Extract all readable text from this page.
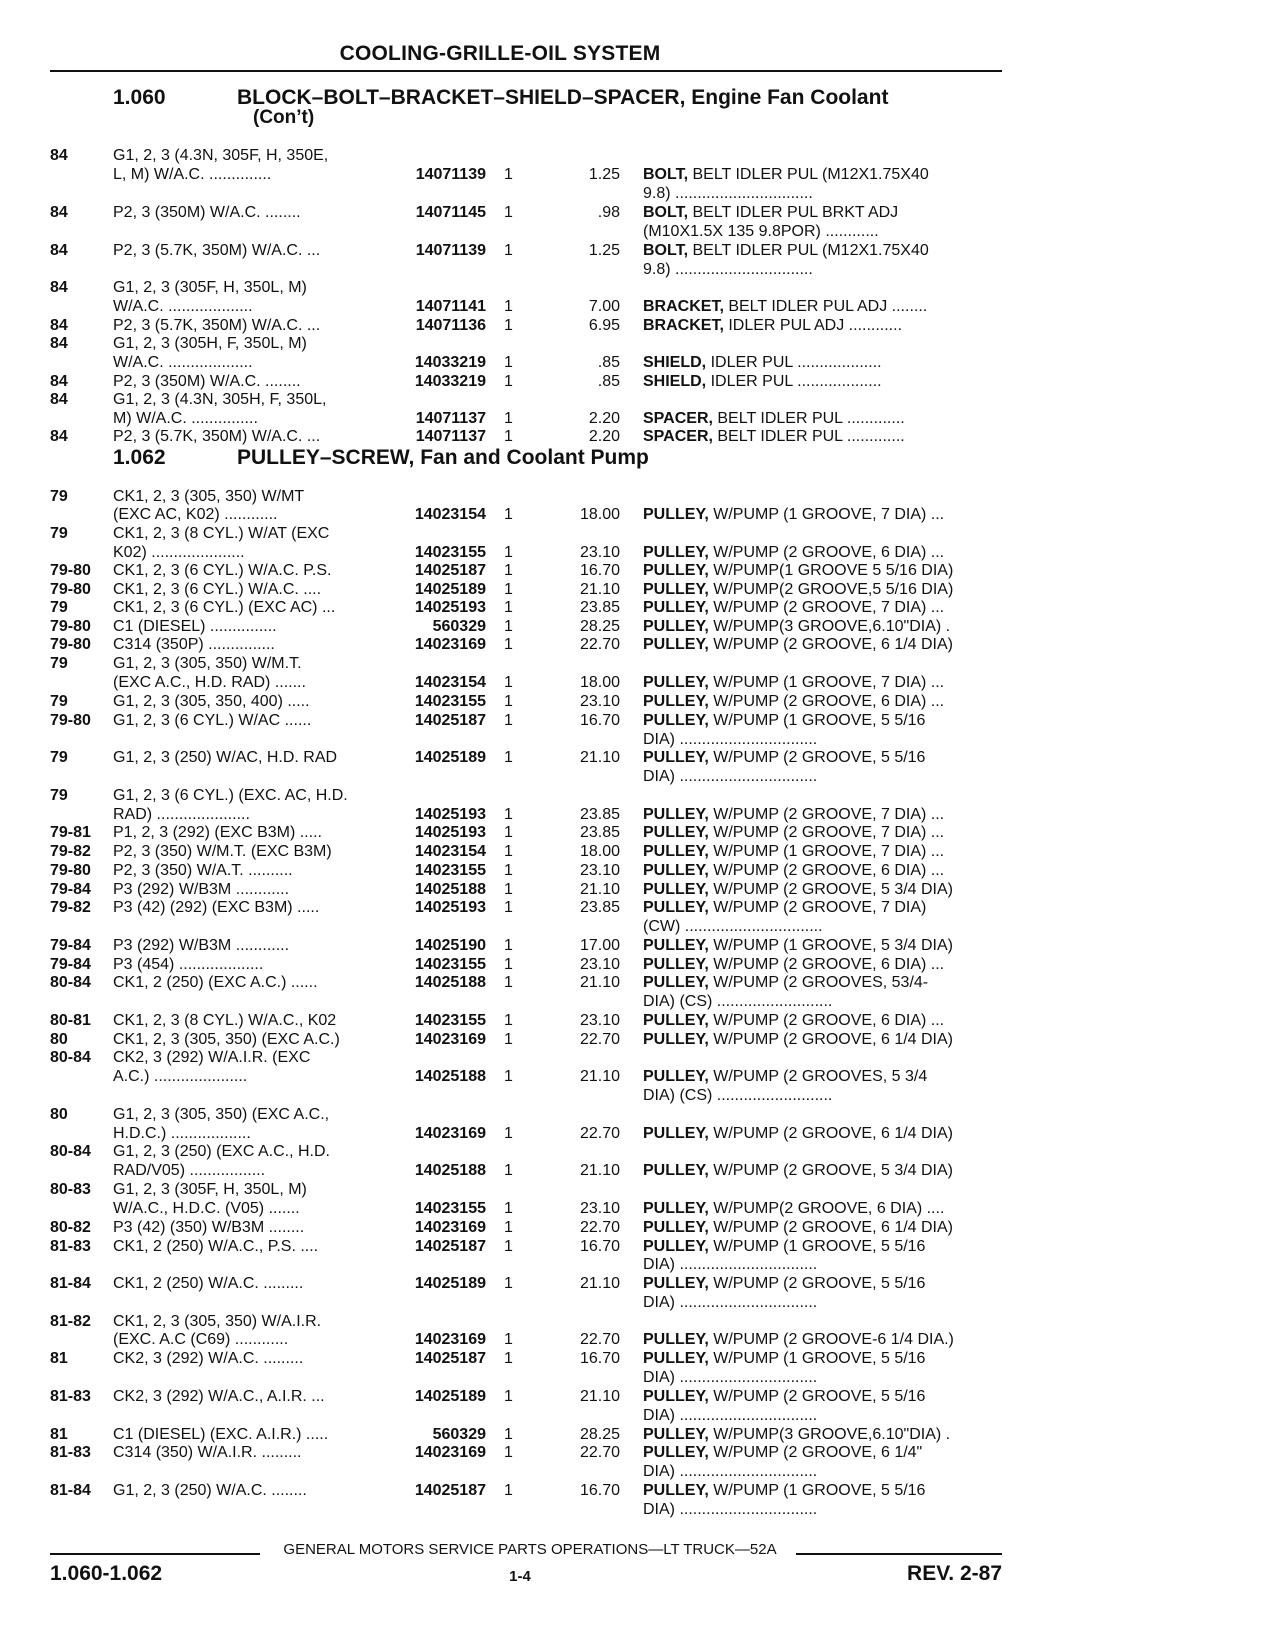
COOLING-GRILLE-OIL SYSTEM
1.060	BLOCK–BOLT–BRACKET–SHIELD–SPACER, Engine Fan Coolant
(Con’t)
1.062	PULLEY–SCREW, Fan and Coolant Pump
84	G1, 2, 3 (4.3N, 305F, H, 350E,
L, M) W/A.C. ..............	14071139 1	1.25 BOLT, BELT IDLER PUL (M12X1.75X40
9.8) ...............................
84	P2, 3 (350M) W/A.C. ........	14071145 1	.98 BOLT, BELT IDLER PUL BRKT ADJ
(M10X1.5X 135 9.8POR) ............
84	P2, 3 (5.7K, 350M) W/A.C. ...	14071139 1	1.25 BOLT, BELT IDLER PUL (M12X1.75X40
9.8) ...............................
84	G1, 2, 3 (305F, H, 350L, M)
W/A.C. ...................	14071141 1	7.00 BRACKET, BELT IDLER PUL ADJ ........
84	P2, 3 (5.7K, 350M) W/A.C. ...	14071136 1	6.95 BRACKET, IDLER PUL ADJ ............
84	G1, 2, 3 (305H, F, 350L, M)
W/A.C. ...................	14033219 1	.85 SHIELD, IDLER PUL ...................
84	P2, 3 (350M) W/A.C. ........	14033219 1	.85 SHIELD, IDLER PUL ...................
84	G1, 2, 3 (4.3N, 305H, F, 350L,
M) W/A.C. ...............	14071137 1	2.20 SPACER, BELT IDLER PUL .............
84	P2, 3 (5.7K, 350M) W/A.C. ...	14071137 1	2.20 SPACER, BELT IDLER PUL .............
79	CK1, 2, 3 (305, 350) W/MT
(EXC AC, K02) ............	14023154 1	18.00 PULLEY, W/PUMP (1 GROOVE, 7 DIA) ...
79	CK1, 2, 3 (8 CYL.) W/AT (EXC
K02) .....................	14023155 1	23.10 PULLEY, W/PUMP (2 GROOVE, 6 DIA) ...
79-80	CK1, 2, 3 (6 CYL.) W/A.C. P.S.	14025187 1	16.70 PULLEY, W/PUMP(1 GROOVE 5 5/16 DIA)
79-80	CK1, 2, 3 (6 CYL.) W/A.C. ....	14025189 1	21.10 PULLEY, W/PUMP(2 GROOVE,5 5/16 DIA)
79	CK1, 2, 3 (6 CYL.) (EXC AC) ...	14025193 1	23.85 PULLEY, W/PUMP (2 GROOVE, 7 DIA) ...
79-80	C1 (DIESEL) ...............	560329 1	28.25 PULLEY, W/PUMP(3 GROOVE,6.10"DIA) .
79-80	C314 (350P) ...............	14023169 1	22.70 PULLEY, W/PUMP (2 GROOVE, 6 1/4 DIA)
79	G1, 2, 3 (305, 350) W/M.T.
(EXC A.C., H.D. RAD) .......	14023154 1	18.00 PULLEY, W/PUMP (1 GROOVE, 7 DIA) ...
79	G1, 2, 3 (305, 350, 400) .....	14023155 1	23.10 PULLEY, W/PUMP (2 GROOVE, 6 DIA) ...
79-80	G1, 2, 3 (6 CYL.) W/AC ......	14025187 1	16.70 PULLEY, W/PUMP (1 GROOVE, 5 5/16
DIA) ...............................
79	G1, 2, 3 (250) W/AC, H.D. RAD	14025189 1	21.10 PULLEY, W/PUMP (2 GROOVE, 5 5/16
DIA) ...............................
79	G1, 2, 3 (6 CYL.) (EXC. AC, H.D.
RAD) .....................	14025193 1	23.85 PULLEY, W/PUMP (2 GROOVE, 7 DIA) ...
79-81	P1, 2, 3 (292) (EXC B3M) .....	14025193 1	23.85 PULLEY, W/PUMP (2 GROOVE, 7 DIA) ...
79-82	P2, 3 (350) W/M.T. (EXC B3M)	14023154 1	18.00 PULLEY, W/PUMP (1 GROOVE, 7 DIA) ...
79-80	P2, 3 (350) W/A.T. ..........	14023155 1	23.10 PULLEY, W/PUMP (2 GROOVE, 6 DIA) ...
79-84	P3 (292) W/B3M ............	14025188 1	21.10 PULLEY, W/PUMP (2 GROOVE, 5 3/4 DIA)
79-82	P3 (42) (292) (EXC B3M) .....	14025193 1	23.85 PULLEY, W/PUMP (2 GROOVE, 7 DIA)
(CW) ...............................
79-84	P3 (292) W/B3M ............	14025190 1	17.00 PULLEY, W/PUMP (1 GROOVE, 5 3/4 DIA)
79-84	P3 (454) ...................	14023155 1	23.10 PULLEY, W/PUMP (2 GROOVE, 6 DIA) ...
80-84	CK1, 2 (250) (EXC A.C.) ......	14025188 1	21.10 PULLEY, W/PUMP (2 GROOVES, 53/4-
DIA) (CS) ..........................
80-81	CK1, 2, 3 (8 CYL.) W/A.C., K02	14023155 1	23.10 PULLEY, W/PUMP (2 GROOVE, 6 DIA) ...
80	CK1, 2, 3 (305, 350) (EXC A.C.)	14023169 1	22.70 PULLEY, W/PUMP (2 GROOVE, 6 1/4 DIA)
80-84	CK2, 3 (292) W/A.I.R. (EXC
A.C.) .....................	14025188 1	21.10 PULLEY, W/PUMP (2 GROOVES, 5 3/4
DIA) (CS) ..........................
80	G1, 2, 3 (305, 350) (EXC A.C.,
H.D.C.) ..................	14023169 1	22.70 PULLEY, W/PUMP (2 GROOVE, 6 1/4 DIA)
80-84	G1, 2, 3 (250) (EXC A.C., H.D.
RAD/V05) .................	14025188 1	21.10 PULLEY, W/PUMP (2 GROOVE, 5 3/4 DIA)
80-83	G1, 2, 3 (305F, H, 350L, M)
W/A.C., H.D.C. (V05) .......	14023155 1	23.10 PULLEY, W/PUMP(2 GROOVE, 6 DIA) ....
80-82	P3 (42) (350) W/B3M ........	14023169 1	22.70 PULLEY, W/PUMP (2 GROOVE, 6 1/4 DIA)
81-83	CK1, 2 (250) W/A.C., P.S. ....	14025187 1	16.70 PULLEY, W/PUMP (1 GROOVE, 5 5/16
DIA) ...............................
81-84	CK1, 2 (250) W/A.C. .........	14025189 1	21.10 PULLEY, W/PUMP (2 GROOVE, 5 5/16
DIA) ...............................
81-82	CK1, 2, 3 (305, 350) W/A.I.R.
(EXC. A.C (C69) ............	14023169 1	22.70 PULLEY, W/PUMP (2 GROOVE-6 1/4 DIA.)
81	CK2, 3 (292) W/A.C. .........	14025187 1	16.70 PULLEY, W/PUMP (1 GROOVE, 5 5/16
DIA) ...............................
81-83	CK2, 3 (292) W/A.C., A.I.R. ...	14025189 1	21.10 PULLEY, W/PUMP (2 GROOVE, 5 5/16
DIA) ...............................
81	C1 (DIESEL) (EXC. A.I.R.) .....	560329 1	28.25 PULLEY, W/PUMP(3 GROOVE,6.10"DIA) .
81-83	C314 (350) W/A.I.R. .........	14023169 1	22.70 PULLEY, W/PUMP (2 GROOVE, 6 1/4"
DIA) ...............................
81-84	G1, 2, 3 (250) W/A.C. ........	14025187 1	16.70 PULLEY, W/PUMP (1 GROOVE, 5 5/16
DIA) ...............................
GENERAL MOTORS SERVICE PARTS OPERATIONS—LT TRUCK—52A
1.060-1.062	1-4	REV. 2-87
